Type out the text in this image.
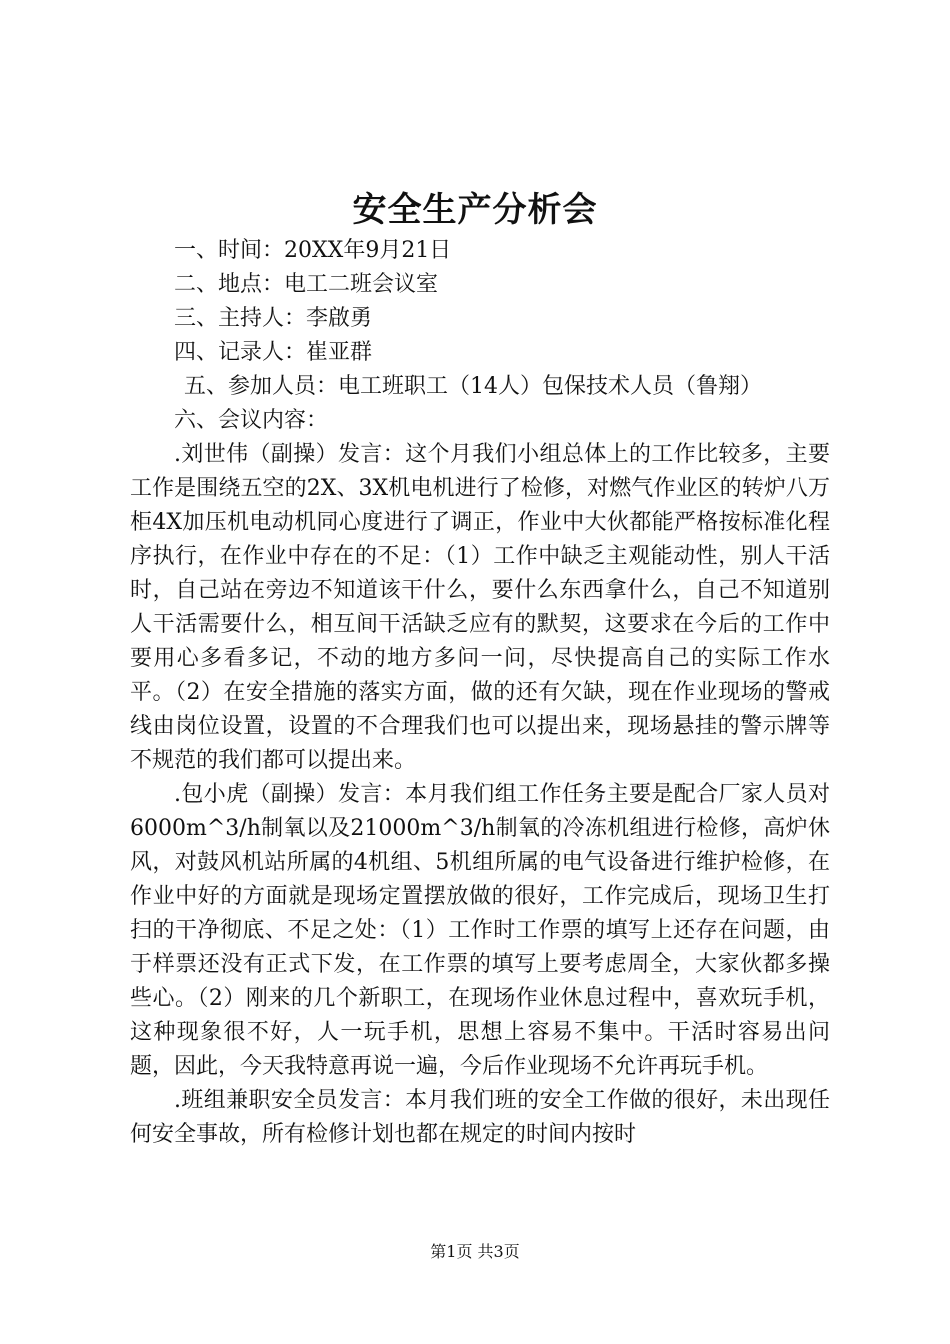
安全生产分析会

一、时间：20XX年9月21日

二、地点：电工二班会议室

三、主持人：李啟勇

四、记录人：崔亚群

五、参加人员：电工班职工（14人）包保技术人员（鲁翔）

六、会议内容：

.刘世伟（副操）发言：这个月我们小组总体上的工作比较多，主要工作是围绕五空的2X、3X机电机进行了检修，对燃气作业区的转炉八万柜4X加压机电动机同心度进行了调正，作业中大伙都能严格按标准化程序执行，在作业中存在的不足：（1）工作中缺乏主观能动性，别人干活时，自己站在旁边不知道该干什么，要什么东西拿什么，自己不知道别人干活需要什么，相互间干活缺乏应有的默契，这要求在今后的工作中要用心多看多记，不动的地方多问一问，尽快提高自己的实际工作水平。（2）在安全措施的落实方面，做的还有欠缺，现在作业现场的警戒线由岗位设置，设置的不合理我们也可以提出来，现场悬挂的警示牌等不规范的我们都可以提出来。

.包小虎（副操）发言：本月我们组工作任务主要是配合厂家人员对6000m^3/h制氧以及21000m^3/h制氧的冷冻机组进行检修，高炉休风，对鼓风机站所属的4机组、5机组所属的电气设备进行维护检修，在作业中好的方面就是现场定置摆放做的很好，工作完成后，现场卫生打扫的干净彻底、不足之处：（1）工作时工作票的填写上还存在问题，由于样票还没有正式下发，在工作票的填写上要考虑周全，大家伙都多操些心。（2）刚来的几个新职工，在现场作业休息过程中，喜欢玩手机，这种现象很不好，人一玩手机，思想上容易不集中。干活时容易出问题，因此，今天我特意再说一遍，今后作业现场不允许再玩手机。

.班组兼职安全员发言：本月我们班的安全工作做的很好，未出现任何安全事故，所有检修计划也都在规定的时间内按时

第1页 共3页
